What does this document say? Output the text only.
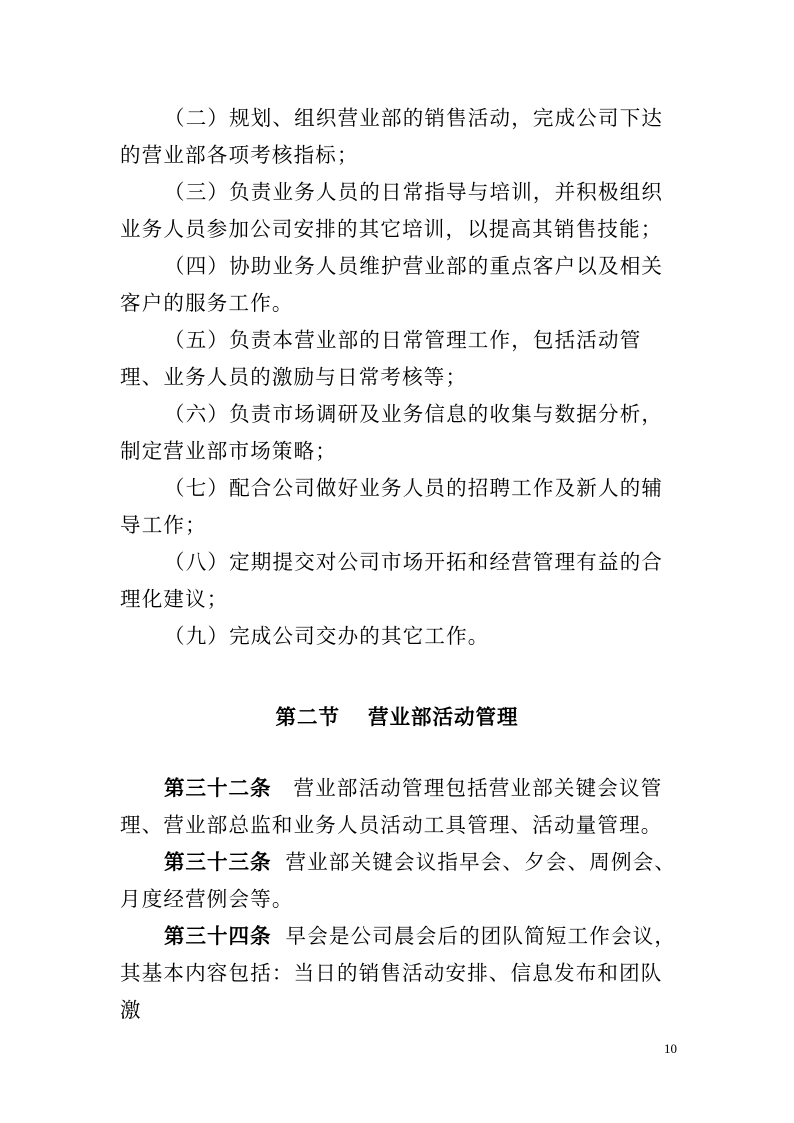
（二）规划、组织营业部的销售活动，完成公司下达的营业部各项考核指标；

（三）负责业务人员的日常指导与培训，并积极组织业务人员参加公司安排的其它培训，以提高其销售技能；

（四）协助业务人员维护营业部的重点客户以及相关客户的服务工作。

（五）负责本营业部的日常管理工作，包括活动管理、业务人员的激励与日常考核等；

（六）负责市场调研及业务信息的收集与数据分析，制定营业部市场策略；

（七）配合公司做好业务人员的招聘工作及新人的辅导工作；

（八）定期提交对公司市场开拓和经营管理有益的合理化建议；

（九）完成公司交办的其它工作。

第二节 营业部活动管理

第三十二条 营业部活动管理包括营业部关键会议管理、营业部总监和业务人员活动工具管理、活动量管理。

第三十三条 营业部关键会议指早会、夕会、周例会、月度经营例会等。

第三十四条 早会是公司晨会后的团队简短工作会议，其基本内容包括：当日的销售活动安排、信息发布和团队激

10
